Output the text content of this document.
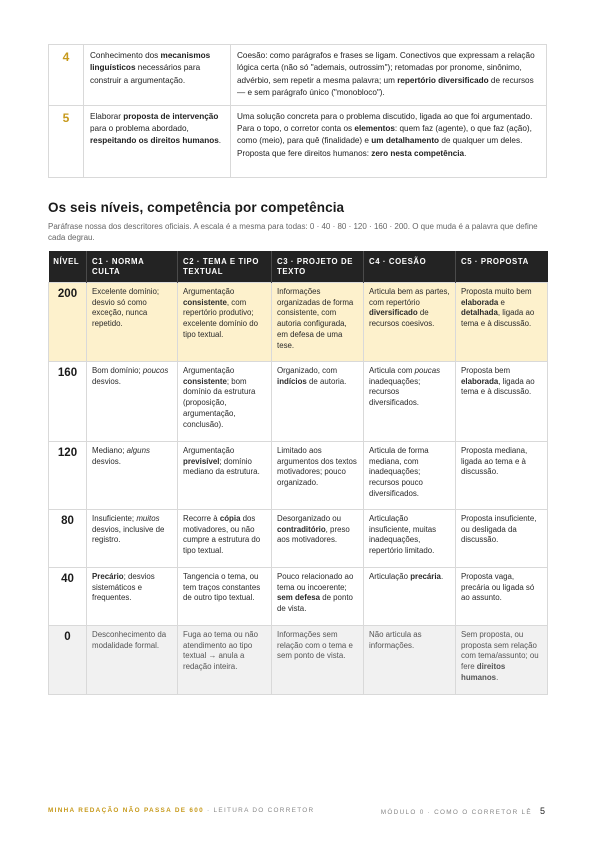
4	Conhecimento dos mecanismos linguísticos necessários para construir a argumentação.	Coesão: como parágrafos e frases se ligam. Conectivos que expressam a relação lógica certa (não só "ademais, outrossim"); retomadas por pronome, sinônimo, advérbio, sem repetir a mesma palavra; um repertório diversificado de recursos — e sem parágrafo único ("monobloco").
5	Elaborar proposta de intervenção para o problema abordado, respeitando os direitos humanos.	Uma solução concreta para o problema discutido, ligada ao que foi argumentado. Para o topo, o corretor conta os elementos: quem faz (agente), o que faz (ação), como (meio), para quê (finalidade) e um detalhamento de qualquer um deles. Proposta que fere direitos humanos: zero nesta competência.
Os seis níveis, competência por competência

Paráfrase nossa dos descritores oficiais. A escala é a mesma para todas: 0 · 40 · 80 · 120 · 160 · 200. O que muda é a palavra que define cada degrau.

NÍVEL	C1 · NORMA CULTA	C2 · TEMA E TIPO TEXTUAL	C3 · PROJETO DE TEXTO	C4 · COESÃO	C5 · PROPOSTA
200	Excelente domínio; desvio só como exceção, nunca repetido.	Argumentação consistente, com repertório produtivo; excelente domínio do tipo textual.	Informações organizadas de forma consistente, com autoria configurada, em defesa de uma tese.	Articula bem as partes, com repertório diversificado de recursos coesivos.	Proposta muito bem elaborada e detalhada, ligada ao tema e à discussão.
160	Bom domínio; poucos desvios.	Argumentação consistente; bom domínio da estrutura (proposição, argumentação, conclusão).	Organizado, com indícios de autoria.	Articula com poucas inadequações; recursos diversificados.	Proposta bem elaborada, ligada ao tema e à discussão.
120	Mediano; alguns desvios.	Argumentação previsível; domínio mediano da estrutura.	Limitado aos argumentos dos textos motivadores; pouco organizado.	Articula de forma mediana, com inadequações; recursos pouco diversificados.	Proposta mediana, ligada ao tema e à discussão.
80	Insuficiente; muitos desvios, inclusive de registro.	Recorre à cópia dos motivadores, ou não cumpre a estrutura do tipo textual.	Desorganizado ou contraditório, preso aos motivadores.	Articulação insuficiente, muitas inadequações, repertório limitado.	Proposta insuficiente, ou desligada da discussão.
40	Precário; desvios sistemáticos e frequentes.	Tangencia o tema, ou tem traços constantes de outro tipo textual.	Pouco relacionado ao tema ou incoerente; sem defesa de ponto de vista.	Articulação precária.	Proposta vaga, precária ou ligada só ao assunto.
0	Desconhecimento da modalidade formal.	Fuga ao tema ou não atendimento ao tipo textual → anula a redação inteira.	Informações sem relação com o tema e sem ponto de vista.	Não articula as informações.	Sem proposta, ou proposta sem relação com tema/assunto; ou fere direitos humanos.
MINHA REDAÇÃO NÃO PASSA DE 600 · LEITURA DO CORRETOR	MÓDULO 0 · COMO O CORRETOR LÊ 5
